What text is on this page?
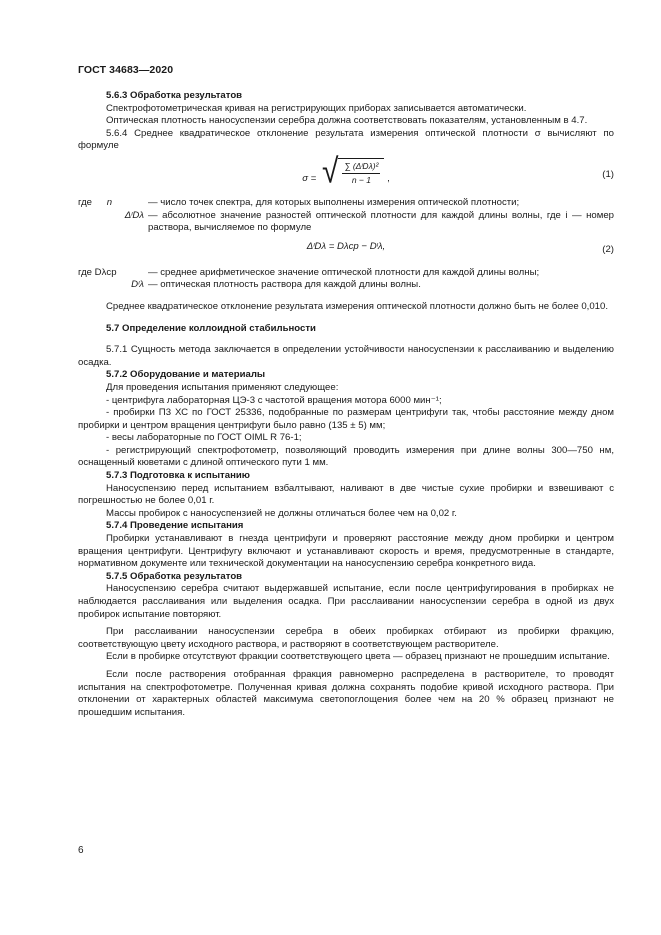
ГОСТ 34683—2020

5.6.3 Обработка результатов

Спектрофотометрическая кривая на регистрирующих приборах записывается автоматически.

Оптическая плотность наносуспензии серебра должна соответствовать показателям, установленным в 4.7.

5.6.4 Среднее квадратическое отклонение результата измерения оптической плотности σ вычисляют по формуле

σ = √ $\frac{\text{∑ (ΔᶦDλ)²}}{n - 1}$ ,	(1)
где n	— число точек спектра, для которых выполнены измерения оптической плотности;
ΔᶦDλ — абсолютное значение разностей оптической плотности для каждой длины волны, где i — номер раствора, вычисляемое по формуле
ΔᶦDλ = Dλср − Dᶦλ,	(2)
где Dλср	— среднее арифметическое значение оптической плотности для каждой длины волны;
Dᶦλ — оптическая плотность раствора для каждой длины волны.

Среднее квадратическое отклонение результата измерения оптической плотности должно быть не более 0,010.

5.7 Определение коллоидной стабильности

5.7.1 Сущность метода заключается в определении устойчивости наносуспензии к расслаиванию и выделению осадка.

5.7.2 Оборудование и материалы

Для проведения испытания применяют следующее:

- центрифуга лабораторная ЦЭ-3 с частотой вращения мотора 6000 мин⁻¹;

- пробирки П3 ХС по ГОСТ 25336, подобранные по размерам центрифуги так, чтобы расстояние между дном пробирки и центром вращения центрифуги было равно (135 ± 5) мм;

- весы лабораторные по ГОСТ OIML R 76-1;

- регистрирующий спектрофотометр, позволяющий проводить измерения при длине волны 300—750 нм, оснащенный кюветами с длиной оптического пути 1 мм.

5.7.3 Подготовка к испытанию

Наносуспензию перед испытанием взбалтывают, наливают в две чистые сухие пробирки и взвешивают с погрешностью не более 0,01 г.

Массы пробирок с наносуспензией не должны отличаться более чем на 0,02 г.

5.7.4 Проведение испытания

Пробирки устанавливают в гнезда центрифуги и проверяют расстояние между дном пробирки и центром вращения центрифуги. Центрифугу включают и устанавливают скорость и время, предусмотренные в стандарте, нормативном документе или технической документации на наносуспензию серебра конкретного вида.

5.7.5 Обработка результатов

Наносуспензию серебра считают выдержавшей испытание, если после центрифугирования в пробирках не наблюдается расслаивания или выделения осадка. При расслаивании наносуспензии серебра в одной из двух пробирок испытание повторяют.

При расслаивании наносуспензии серебра в обеих пробирках отбирают из пробирки фракцию, соответствующую цвету исходного раствора, и растворяют в соответствующем растворителе.

Если в пробирке отсутствуют фракции соответствующего цвета — образец признают не прошедшим испытание.

Если после растворения отобранная фракция равномерно распределена в растворителе, то проводят испытания на спектрофотометре. Полученная кривая должна сохранять подобие кривой исходного раствора. При отклонении от характерных областей максимума светопоглощения более чем на 20 % образец признают не прошедшим испытания.

6
